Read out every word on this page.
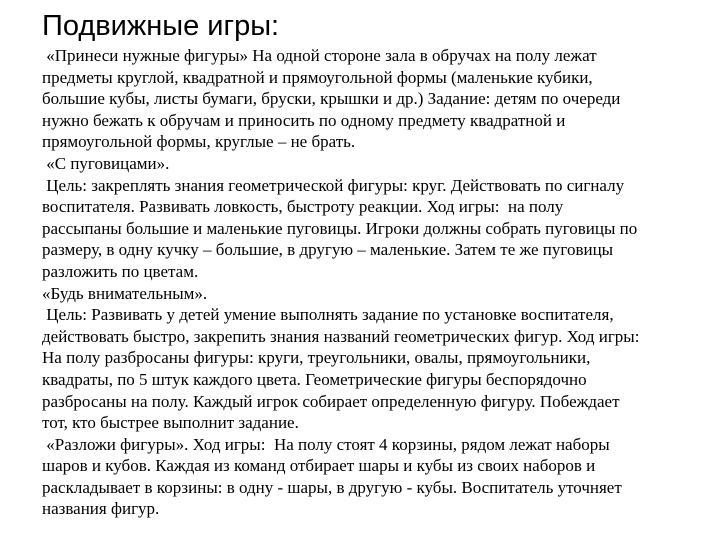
Подвижные игры:
«Принеси нужные фигуры» На одной стороне зала в обручах на полу лежат
предметы круглой, квадратной и прямоугольной формы (маленькие кубики,
большие кубы, листы бумаги, бруски, крышки и др.) Задание: детям по очереди
нужно бежать к обручам и приносить по одному предмету квадратной и
прямоугольной формы, круглые – не брать.
«С пуговицами».
Цель: закреплять знания геометрической фигуры: круг. Действовать по сигналу
воспитателя. Развивать ловкость, быстроту реакции. Ход игры:  на полу
рассыпаны большие и маленькие пуговицы. Игроки должны собрать пуговицы по
размеру, в одну кучку – большие, в другую – маленькие. Затем те же пуговицы
разложить по цветам.
«Будь внимательным».
Цель: Развивать у детей умение выполнять задание по установке воспитателя,
действовать быстро, закрепить знания названий геометрических фигур. Ход игры:
На полу разбросаны фигуры: круги, треугольники, овалы, прямоугольники,
квадраты, по 5 штук каждого цвета. Геометрические фигуры беспорядочно
разбросаны на полу. Каждый игрок собирает определенную фигуру. Побеждает
тот, кто быстрее выполнит задание.
«Разложи фигуры». Ход игры:  На полу стоят 4 корзины, рядом лежат наборы
шаров и кубов. Каждая из команд отбирает шары и кубы из своих наборов и
раскладывает в корзины: в одну - шары, в другую - кубы. Воспитатель уточняет
названия фигур.
